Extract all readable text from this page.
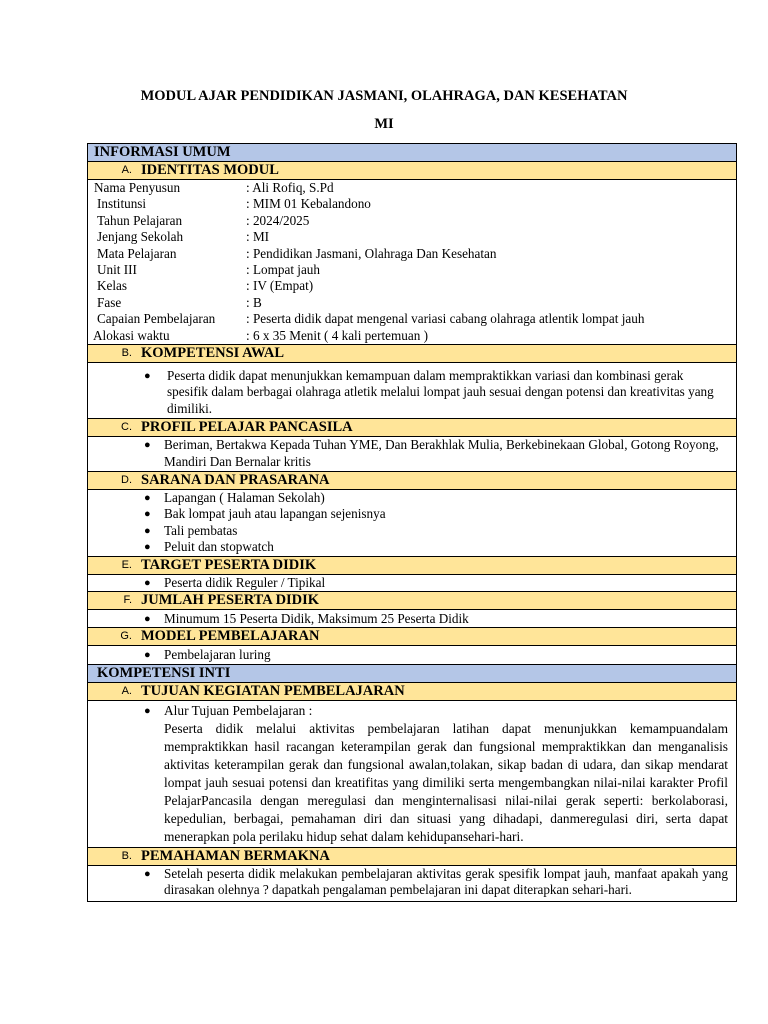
MODUL AJAR PENDIDIKAN JASMANI, OLAHRAGA, DAN KESEHATAN
MI
INFORMASI UMUM
A. IDENTITAS MODUL
Nama Penyusun	: Ali Rofiq, S.Pd
Institunsi	: MIM 01 Kebalandono
Tahun Pelajaran	: 2024/2025
Jenjang Sekolah	: MI
Mata Pelajaran	: Pendidikan Jasmani, Olahraga Dan Kesehatan
Unit III	: Lompat jauh
Kelas	: IV (Empat)
Fase	: B
Capaian Pembelajaran	: Peserta didik dapat mengenal variasi cabang olahraga atlentik lompat jauh
Alokasi waktu	: 6 x 35 Menit ( 4 kali pertemuan )
B. KOMPETENSI AWAL
● Peserta didik dapat menunjukkan kemampuan dalam mempraktikkan variasi dan kombinasi gerak spesifik dalam berbagai olahraga atletik melalui lompat jauh sesuai dengan potensi dan kreativitas yang dimiliki.
C. PROFIL PELAJAR PANCASILA
● Beriman, Bertakwa Kepada Tuhan YME, Dan Berakhlak Mulia, Berkebinekaan Global, Gotong Royong, Mandiri Dan Bernalar kritis
D. SARANA DAN PRASARANA
● Lapangan ( Halaman Sekolah)
● Bak lompat jauh atau lapangan sejenisnya
● Tali pembatas
● Peluit dan stopwatch
E. TARGET PESERTA DIDIK
● Peserta didik Reguler / Tipikal
F. JUMLAH PESERTA DIDIK
● Minumum 15 Peserta Didik, Maksimum 25 Peserta Didik
G. MODEL PEMBELAJARAN
● Pembelajaran luring
KOMPETENSI INTI
A. TUJUAN KEGIATAN PEMBELAJARAN
● Alur Tujuan Pembelajaran :
Peserta didik melalui aktivitas pembelajaran latihan dapat menunjukkan kemampuandalam mempraktikkan hasil racangan keterampilan gerak dan fungsional mempraktikkan dan menganalisis aktivitas keterampilan gerak dan fungsional awalan,tolakan, sikap badan di udara, dan sikap mendarat lompat jauh sesuai potensi dan kreatifitas yang dimiliki serta mengembangkan nilai-nilai karakter Profil PelajarPancasila dengan meregulasi dan menginternalisasi nilai-nilai gerak seperti: berkolaborasi, kepedulian, berbagai, pemahaman diri dan situasi yang dihadapi, danmeregulasi diri, serta dapat menerapkan pola perilaku hidup sehat dalam kehidupansehari-hari.
B. PEMAHAMAN BERMAKNA
● Setelah peserta didik melakukan pembelajaran aktivitas gerak spesifik lompat jauh, manfaat apakah yang dirasakan olehnya ? dapatkah pengalaman pembelajaran ini dapat diterapkan sehari-hari.
